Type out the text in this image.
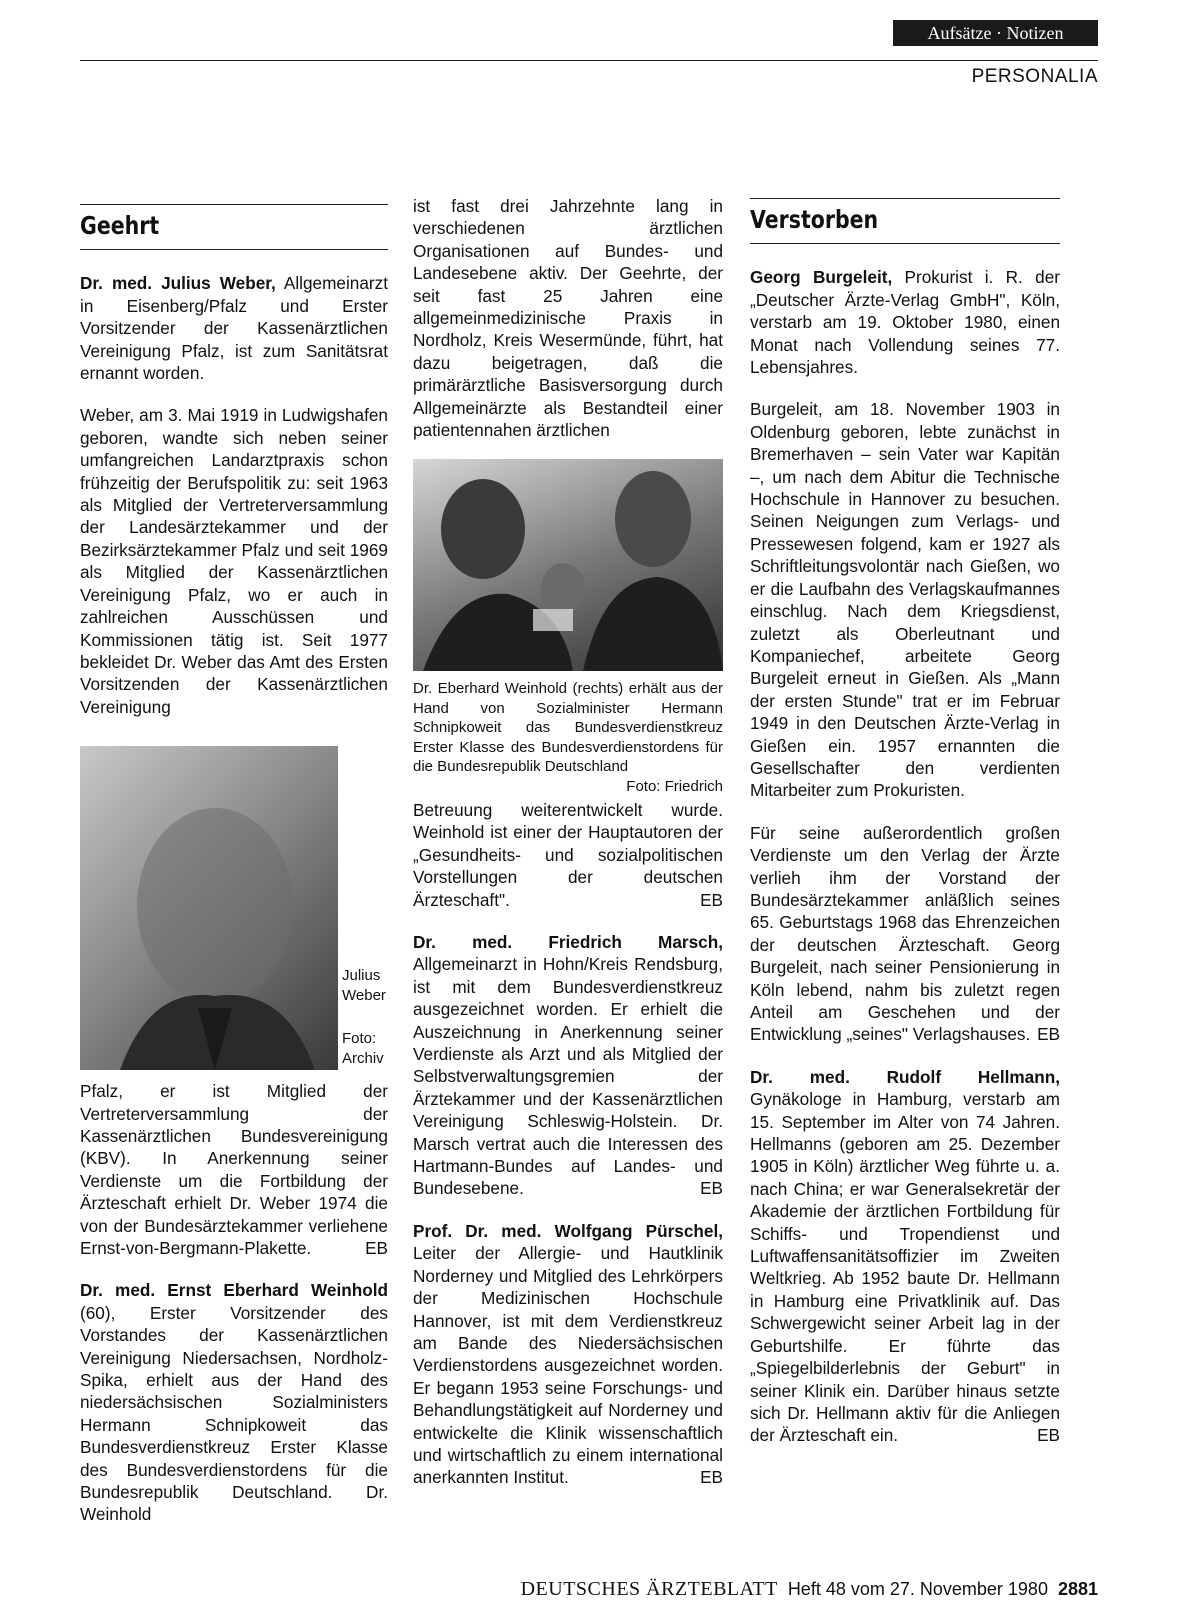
Aufsätze · Notizen
PERSONALIA
Geehrt

Dr. med. Julius Weber, Allgemeinarzt in Eisenberg/Pfalz und Erster Vorsitzender der Kassenärztlichen Vereinigung Pfalz, ist zum Sanitätsrat ernannt worden.

Weber, am 3. Mai 1919 in Ludwigshafen geboren, wandte sich neben seiner umfangreichen Landarztpraxis schon frühzeitig der Berufspolitik zu: seit 1963 als Mitglied der Vertreterversammlung der Landesärztekammer und der Bezirksärztekammer Pfalz und seit 1969 als Mitglied der Kassenärztlichen Vereinigung Pfalz, wo er auch in zahlreichen Ausschüssen und Kommissionen tätig ist. Seit 1977 bekleidet Dr. Weber das Amt des Ersten Vorsitzenden der Kassenärztlichen Vereinigung

Julius Weber
Foto: Archiv

Pfalz, er ist Mitglied der Vertreterversammlung der Kassenärztlichen Bundesvereinigung (KBV). In Anerkennung seiner Verdienste um die Fortbildung der Ärzteschaft erhielt Dr. Weber 1974 die von der Bundesärztekammer verliehene Ernst-von-Bergmann-Plakette.	EB

Dr. med. Ernst Eberhard Weinhold (60), Erster Vorsitzender des Vorstandes der Kassenärztlichen Vereinigung Niedersachsen, Nordholz-Spika, erhielt aus der Hand des niedersächsischen Sozialministers Hermann Schnipkoweit das Bundesverdienstkreuz Erster Klasse des Bundesverdienstordens für die Bundesrepublik Deutschland. Dr. Weinhold

ist fast drei Jahrzehnte lang in verschiedenen ärztlichen Organisationen auf Bundes- und Landesebene aktiv. Der Geehrte, der seit fast 25 Jahren eine allgemeinmedizinische Praxis in Nordholz, Kreis Wesermünde, führt, hat dazu beigetragen, daß die primärärztliche Basisversorgung durch Allgemeinärzte als Bestandteil einer patientennahen ärztlichen

Dr. Eberhard Weinhold (rechts) erhält aus der Hand von Sozialminister Hermann Schnipkoweit das Bundesverdienstkreuz Erster Klasse des Bundesverdienstordens für die Bundesrepublik Deutschland
Foto: Friedrich

Betreuung weiterentwickelt wurde. Weinhold ist einer der Hauptautoren der „Gesundheits- und sozialpolitischen Vorstellungen der deutschen Ärzteschaft".	EB

Dr. med. Friedrich Marsch, Allgemeinarzt in Hohn/Kreis Rendsburg, ist mit dem Bundesverdienstkreuz ausgezeichnet worden. Er erhielt die Auszeichnung in Anerkennung seiner Verdienste als Arzt und als Mitglied der Selbstverwaltungsgremien der Ärztekammer und der Kassenärztlichen Vereinigung Schleswig-Holstein. Dr. Marsch vertrat auch die Interessen des Hartmann-Bundes auf Landes- und Bundesebene.	EB

Prof. Dr. med. Wolfgang Pürschel, Leiter der Allergie- und Hautklinik Norderney und Mitglied des Lehrkörpers der Medizinischen Hochschule Hannover, ist mit dem Verdienstkreuz am Bande des Niedersächsischen Verdienstordens ausgezeichnet worden. Er begann 1953 seine Forschungs- und Behandlungstätigkeit auf Norderney und entwickelte die Klinik wissenschaftlich und wirtschaftlich zu einem international anerkannten Institut.	EB

Verstorben

Georg Burgeleit, Prokurist i. R. der „Deutscher Ärzte-Verlag GmbH", Köln, verstarb am 19. Oktober 1980, einen Monat nach Vollendung seines 77. Lebensjahres.

Burgeleit, am 18. November 1903 in Oldenburg geboren, lebte zunächst in Bremerhaven – sein Vater war Kapitän –, um nach dem Abitur die Technische Hochschule in Hannover zu besuchen. Seinen Neigungen zum Verlags- und Pressewesen folgend, kam er 1927 als Schriftleitungsvolontär nach Gießen, wo er die Laufbahn des Verlagskaufmannes einschlug. Nach dem Kriegsdienst, zuletzt als Oberleutnant und Kompaniechef, arbeitete Georg Burgeleit erneut in Gießen. Als „Mann der ersten Stunde" trat er im Februar 1949 in den Deutschen Ärzte-Verlag in Gießen ein. 1957 ernannten die Gesellschafter den verdienten Mitarbeiter zum Prokuristen.

Für seine außerordentlich großen Verdienste um den Verlag der Ärzte verlieh ihm der Vorstand der Bundesärztekammer anläßlich seines 65. Geburtstags 1968 das Ehrenzeichen der deutschen Ärzteschaft. Georg Burgeleit, nach seiner Pensionierung in Köln lebend, nahm bis zuletzt regen Anteil am Geschehen und der Entwicklung „seines" Verlagshauses. EB

Dr. med. Rudolf Hellmann, Gynäkologe in Hamburg, verstarb am 15. September im Alter von 74 Jahren. Hellmanns (geboren am 25. Dezember 1905 in Köln) ärztlicher Weg führte u. a. nach China; er war Generalsekretär der Akademie der ärztlichen Fortbildung für Schiffs- und Tropendienst und Luftwaffensanitätsoffizier im Zweiten Weltkrieg. Ab 1952 baute Dr. Hellmann in Hamburg eine Privatklinik auf. Das Schwergewicht seiner Arbeit lag in der Geburtshilfe. Er führte das „Spiegelbilderlebnis der Geburt" in seiner Klinik ein. Darüber hinaus setzte sich Dr. Hellmann aktiv für die Anliegen der Ärzteschaft ein.	EB

DEUTSCHES ÄRZTEBLATT Heft 48 vom 27. November 1980 2881
